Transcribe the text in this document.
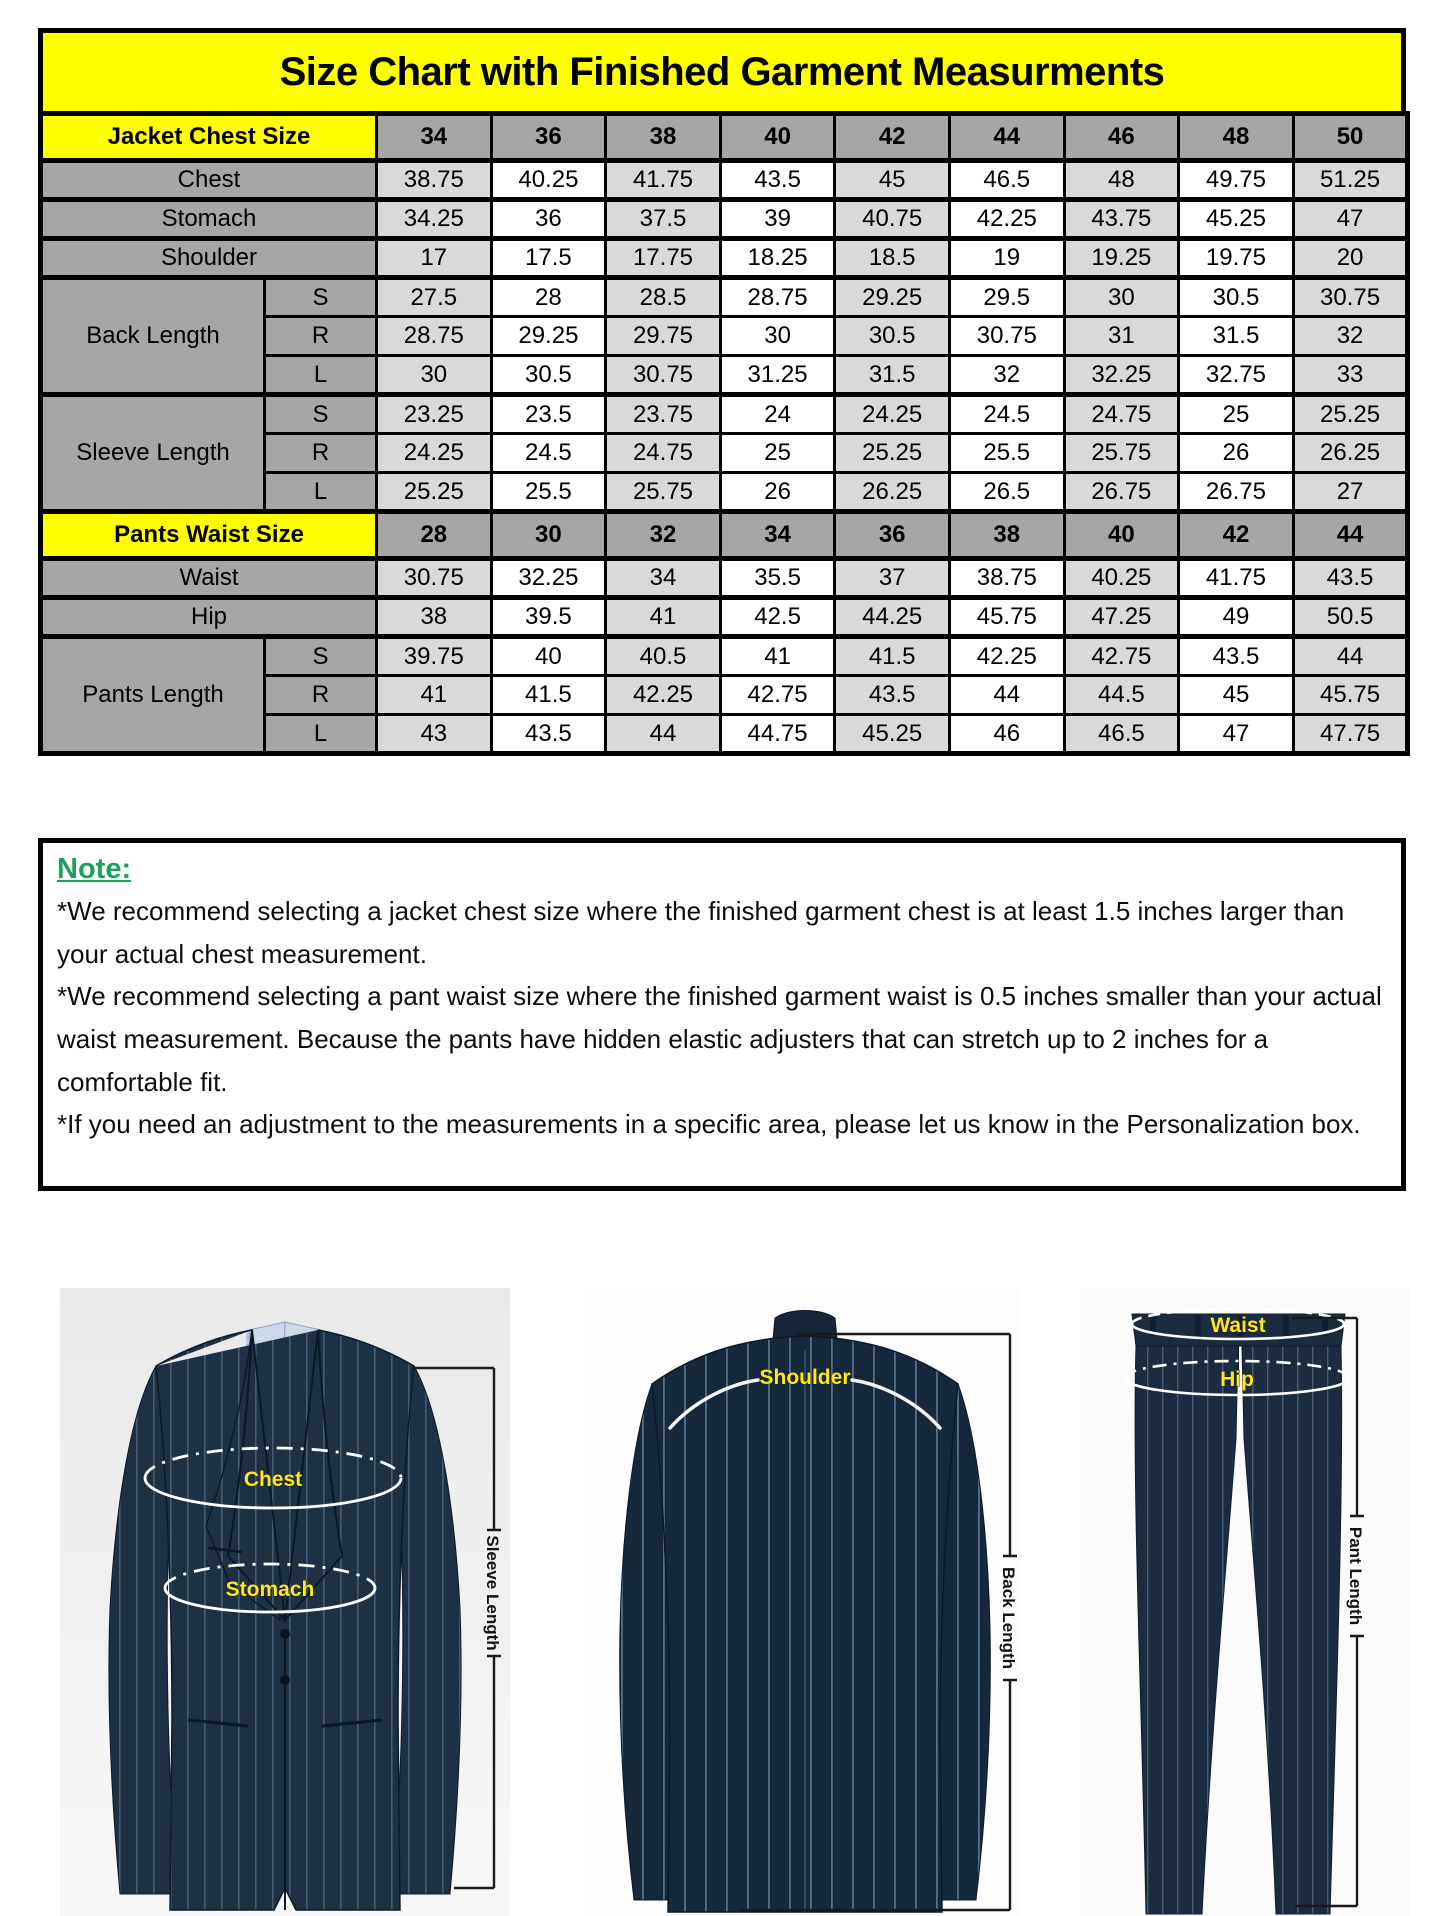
Size Chart with Finished Garment Measurments
Jacket Chest Size		34	36	38	40	42	44	46	48	50
Chest		38.75	40.25	41.75	43.5	45	46.5	48	49.75	51.25
Stomach		34.25	36	37.5	39	40.75	42.25	43.75	45.25	47
Shoulder		17	17.5	17.75	18.25	18.5	19	19.25	19.75	20
Back Length	S	27.5	28	28.5	28.75	29.25	29.5	30	30.5	30.75
	R	28.75	29.25	29.75	30	30.5	30.75	31	31.5	32
	L	30	30.5	30.75	31.25	31.5	32	32.25	32.75	33
Sleeve Length	S	23.25	23.5	23.75	24	24.25	24.5	24.75	25	25.25
	R	24.25	24.5	24.75	25	25.25	25.5	25.75	26	26.25
	L	25.25	25.5	25.75	26	26.25	26.5	26.75	26.75	27
Pants Waist Size		28	30	32	34	36	38	40	42	44
Waist		30.75	32.25	34	35.5	37	38.75	40.25	41.75	43.5
Hip		38	39.5	41	42.5	44.25	45.75	47.25	49	50.5
Pants Length	S	39.75	40	40.5	41	41.5	42.25	42.75	43.5	44
	R	41	41.5	42.25	42.75	43.5	44	44.5	45	45.75
	L	43	43.5	44	44.75	45.25	46	46.5	47	47.75
Note:

*We recommend selecting a jacket chest size where the finished garment chest is at least 1.5 inches larger than your actual chest measurement.

*We recommend selecting a pant waist size where the finished garment waist is 0.5 inches smaller than your actual waist measurement. Because the pants have hidden elastic adjusters that can stretch up to 2 inches for a comfortable fit.

*If you need an adjustment to the measurements in a specific area, please let us know in the Personalization box.

Chest
Stomach	Sleeve Length
Shoulder
Back Length
Waist
Hip
Pant Length
